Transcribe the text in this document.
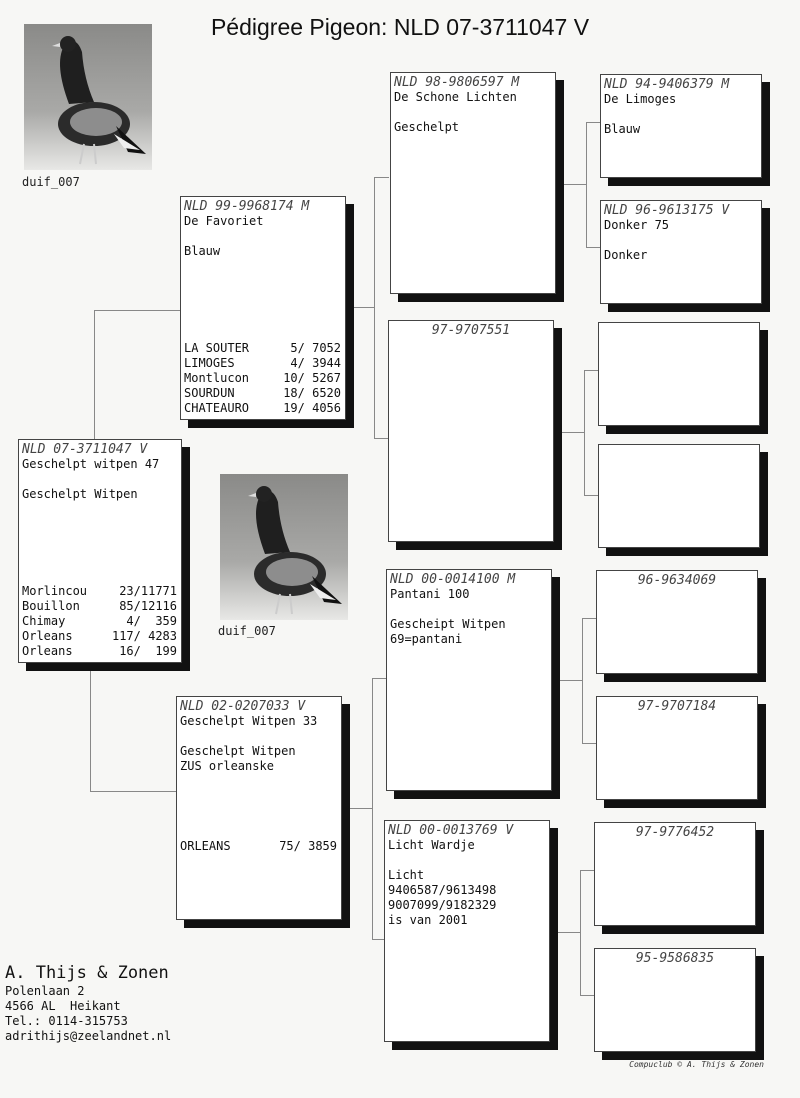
Pédigree Pigeon: NLD 07-3711047 V
duif_007
duif_007
NLD 07-3711047 V
Geschelpt witpen 47
Geschelpt Witpen
Morlincou	23/11771
Bouillon	85/12116
Chimay	4/  359
Orleans	117/ 4283
Orleans	16/  199
NLD 99-9968174 M
De Favoriet
Blauw
LA SOUTER	5/ 7052
LIMOGES	4/ 3944
Montlucon	10/ 5267
SOURDUN	18/ 6520
CHATEAURO	19/ 4056
NLD 02-0207033 V
Geschelpt Witpen 33
Geschelpt Witpen
ZUS orleanske
ORLEANS	75/ 3859
NLD 98-9806597 M
De Schone Lichten
Geschelpt
97-9707551
NLD 00-0014100 M
Pantani 100
Gescheipt Witpen
69=pantani
NLD 00-0013769 V
Licht Wardje
Licht
9406587/9613498
9007099/9182329
is van 2001
NLD 94-9406379 M
De Limoges
Blauw
NLD 96-9613175 V
Donker 75
Donker
96-9634069
97-9707184
97-9776452
95-9586835
A. Thijs & Zonen
Polenlaan 2
4566 AL  Heikant
Tel.: 0114-315753
adrithijs@zeelandnet.nl
Compuclub © A. Thijs & Zonen
